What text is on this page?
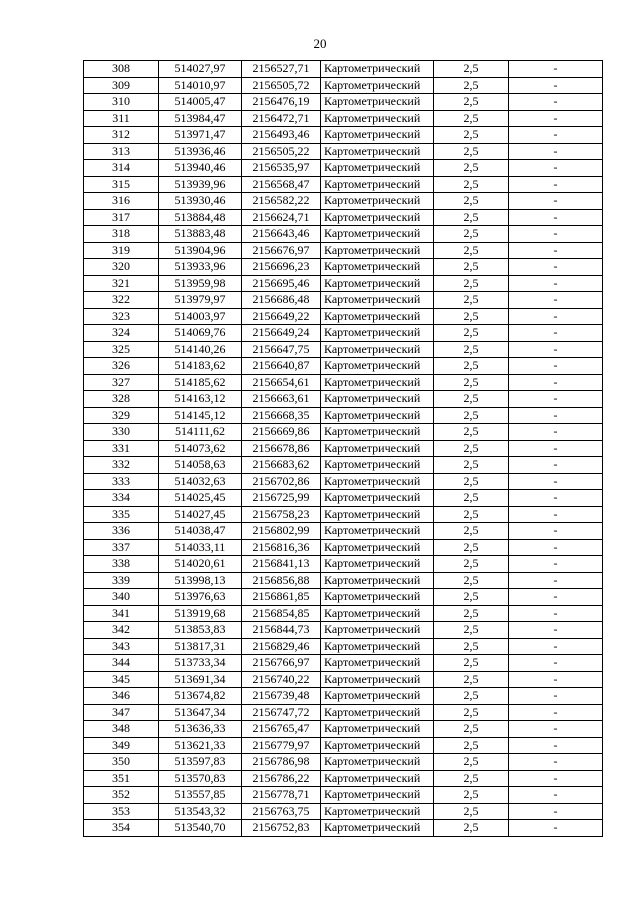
20
308	514027,97	2156527,71	Картометрический	2,5	-
309	514010,97	2156505,72	Картометрический	2,5	-
310	514005,47	2156476,19	Картометрический	2,5	-
311	513984,47	2156472,71	Картометрический	2,5	-
312	513971,47	2156493,46	Картометрический	2,5	-
313	513936,46	2156505,22	Картометрический	2,5	-
314	513940,46	2156535,97	Картометрический	2,5	-
315	513939,96	2156568,47	Картометрический	2,5	-
316	513930,46	2156582,22	Картометрический	2,5	-
317	513884,48	2156624,71	Картометрический	2,5	-
318	513883,48	2156643,46	Картометрический	2,5	-
319	513904,96	2156676,97	Картометрический	2,5	-
320	513933,96	2156696,23	Картометрический	2,5	-
321	513959,98	2156695,46	Картометрический	2,5	-
322	513979,97	2156686,48	Картометрический	2,5	-
323	514003,97	2156649,22	Картометрический	2,5	-
324	514069,76	2156649,24	Картометрический	2,5	-
325	514140,26	2156647,75	Картометрический	2,5	-
326	514183,62	2156640,87	Картометрический	2,5	-
327	514185,62	2156654,61	Картометрический	2,5	-
328	514163,12	2156663,61	Картометрический	2,5	-
329	514145,12	2156668,35	Картометрический	2,5	-
330	514111,62	2156669,86	Картометрический	2,5	-
331	514073,62	2156678,86	Картометрический	2,5	-
332	514058,63	2156683,62	Картометрический	2,5	-
333	514032,63	2156702,86	Картометрический	2,5	-
334	514025,45	2156725,99	Картометрический	2,5	-
335	514027,45	2156758,23	Картометрический	2,5	-
336	514038,47	2156802,99	Картометрический	2,5	-
337	514033,11	2156816,36	Картометрический	2,5	-
338	514020,61	2156841,13	Картометрический	2,5	-
339	513998,13	2156856,88	Картометрический	2,5	-
340	513976,63	2156861,85	Картометрический	2,5	-
341	513919,68	2156854,85	Картометрический	2,5	-
342	513853,83	2156844,73	Картометрический	2,5	-
343	513817,31	2156829,46	Картометрический	2,5	-
344	513733,34	2156766,97	Картометрический	2,5	-
345	513691,34	2156740,22	Картометрический	2,5	-
346	513674,82	2156739,48	Картометрический	2,5	-
347	513647,34	2156747,72	Картометрический	2,5	-
348	513636,33	2156765,47	Картометрический	2,5	-
349	513621,33	2156779,97	Картометрический	2,5	-
350	513597,83	2156786,98	Картометрический	2,5	-
351	513570,83	2156786,22	Картометрический	2,5	-
352	513557,85	2156778,71	Картометрический	2,5	-
353	513543,32	2156763,75	Картометрический	2,5	-
354	513540,70	2156752,83	Картометрический	2,5	-
